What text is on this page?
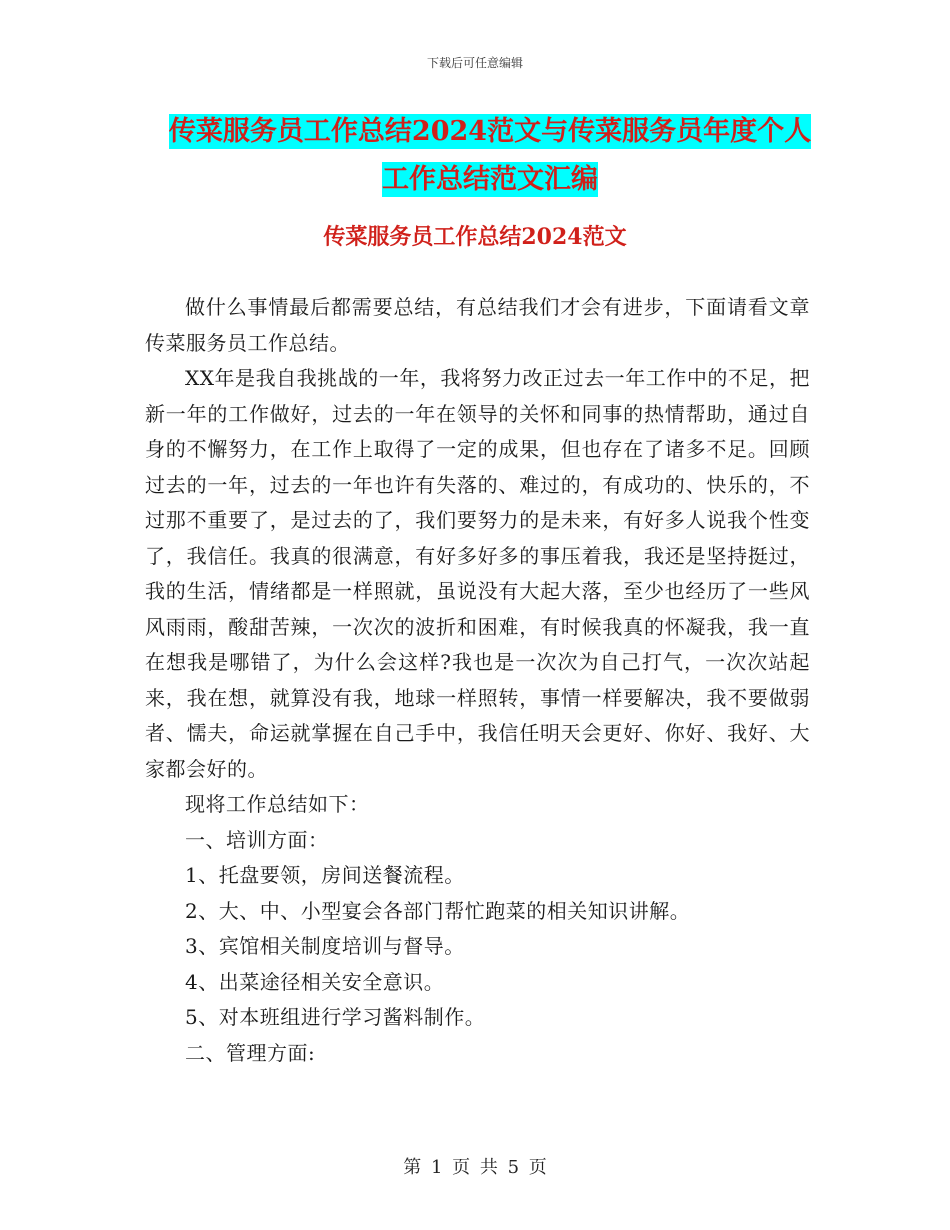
下载后可任意编辑
传菜服务员工作总结2024范文与传菜服务员年度个人
工作总结范文汇编
传菜服务员工作总结2024范文

做什么事情最后都需要总结，有总结我们才会有进步，下面请看文章传菜服务员工作总结。

XX年是我自我挑战的一年，我将努力改正过去一年工作中的不足，把新一年的工作做好，过去的一年在领导的关怀和同事的热情帮助，通过自身的不懈努力，在工作上取得了一定的成果，但也存在了诸多不足。回顾过去的一年，过去的一年也许有失落的、难过的，有成功的、快乐的，不过那不重要了，是过去的了，我们要努力的是未来，有好多人说我个性变了，我信任。我真的很满意，有好多好多的事压着我，我还是坚持挺过，我的生活，情绪都是一样照就，虽说没有大起大落，至少也经历了一些风风雨雨，酸甜苦辣，一次次的波折和困难，有时候我真的怀凝我，我一直在想我是哪错了，为什么会这样?我也是一次次为自己打气，一次次站起来，我在想，就算没有我，地球一样照转，事情一样要解决，我不要做弱者、懦夫，命运就掌握在自己手中，我信任明天会更好、你好、我好、大家都会好的。

现将工作总结如下：

一、培训方面：

1、托盘要领，房间送餐流程。

2、大、中、小型宴会各部门帮忙跑菜的相关知识讲解。

3、宾馆相关制度培训与督导。

4、出菜途径相关安全意识。

5、对本班组进行学习酱料制作。

二、管理方面:

第 1 页 共 5 页
